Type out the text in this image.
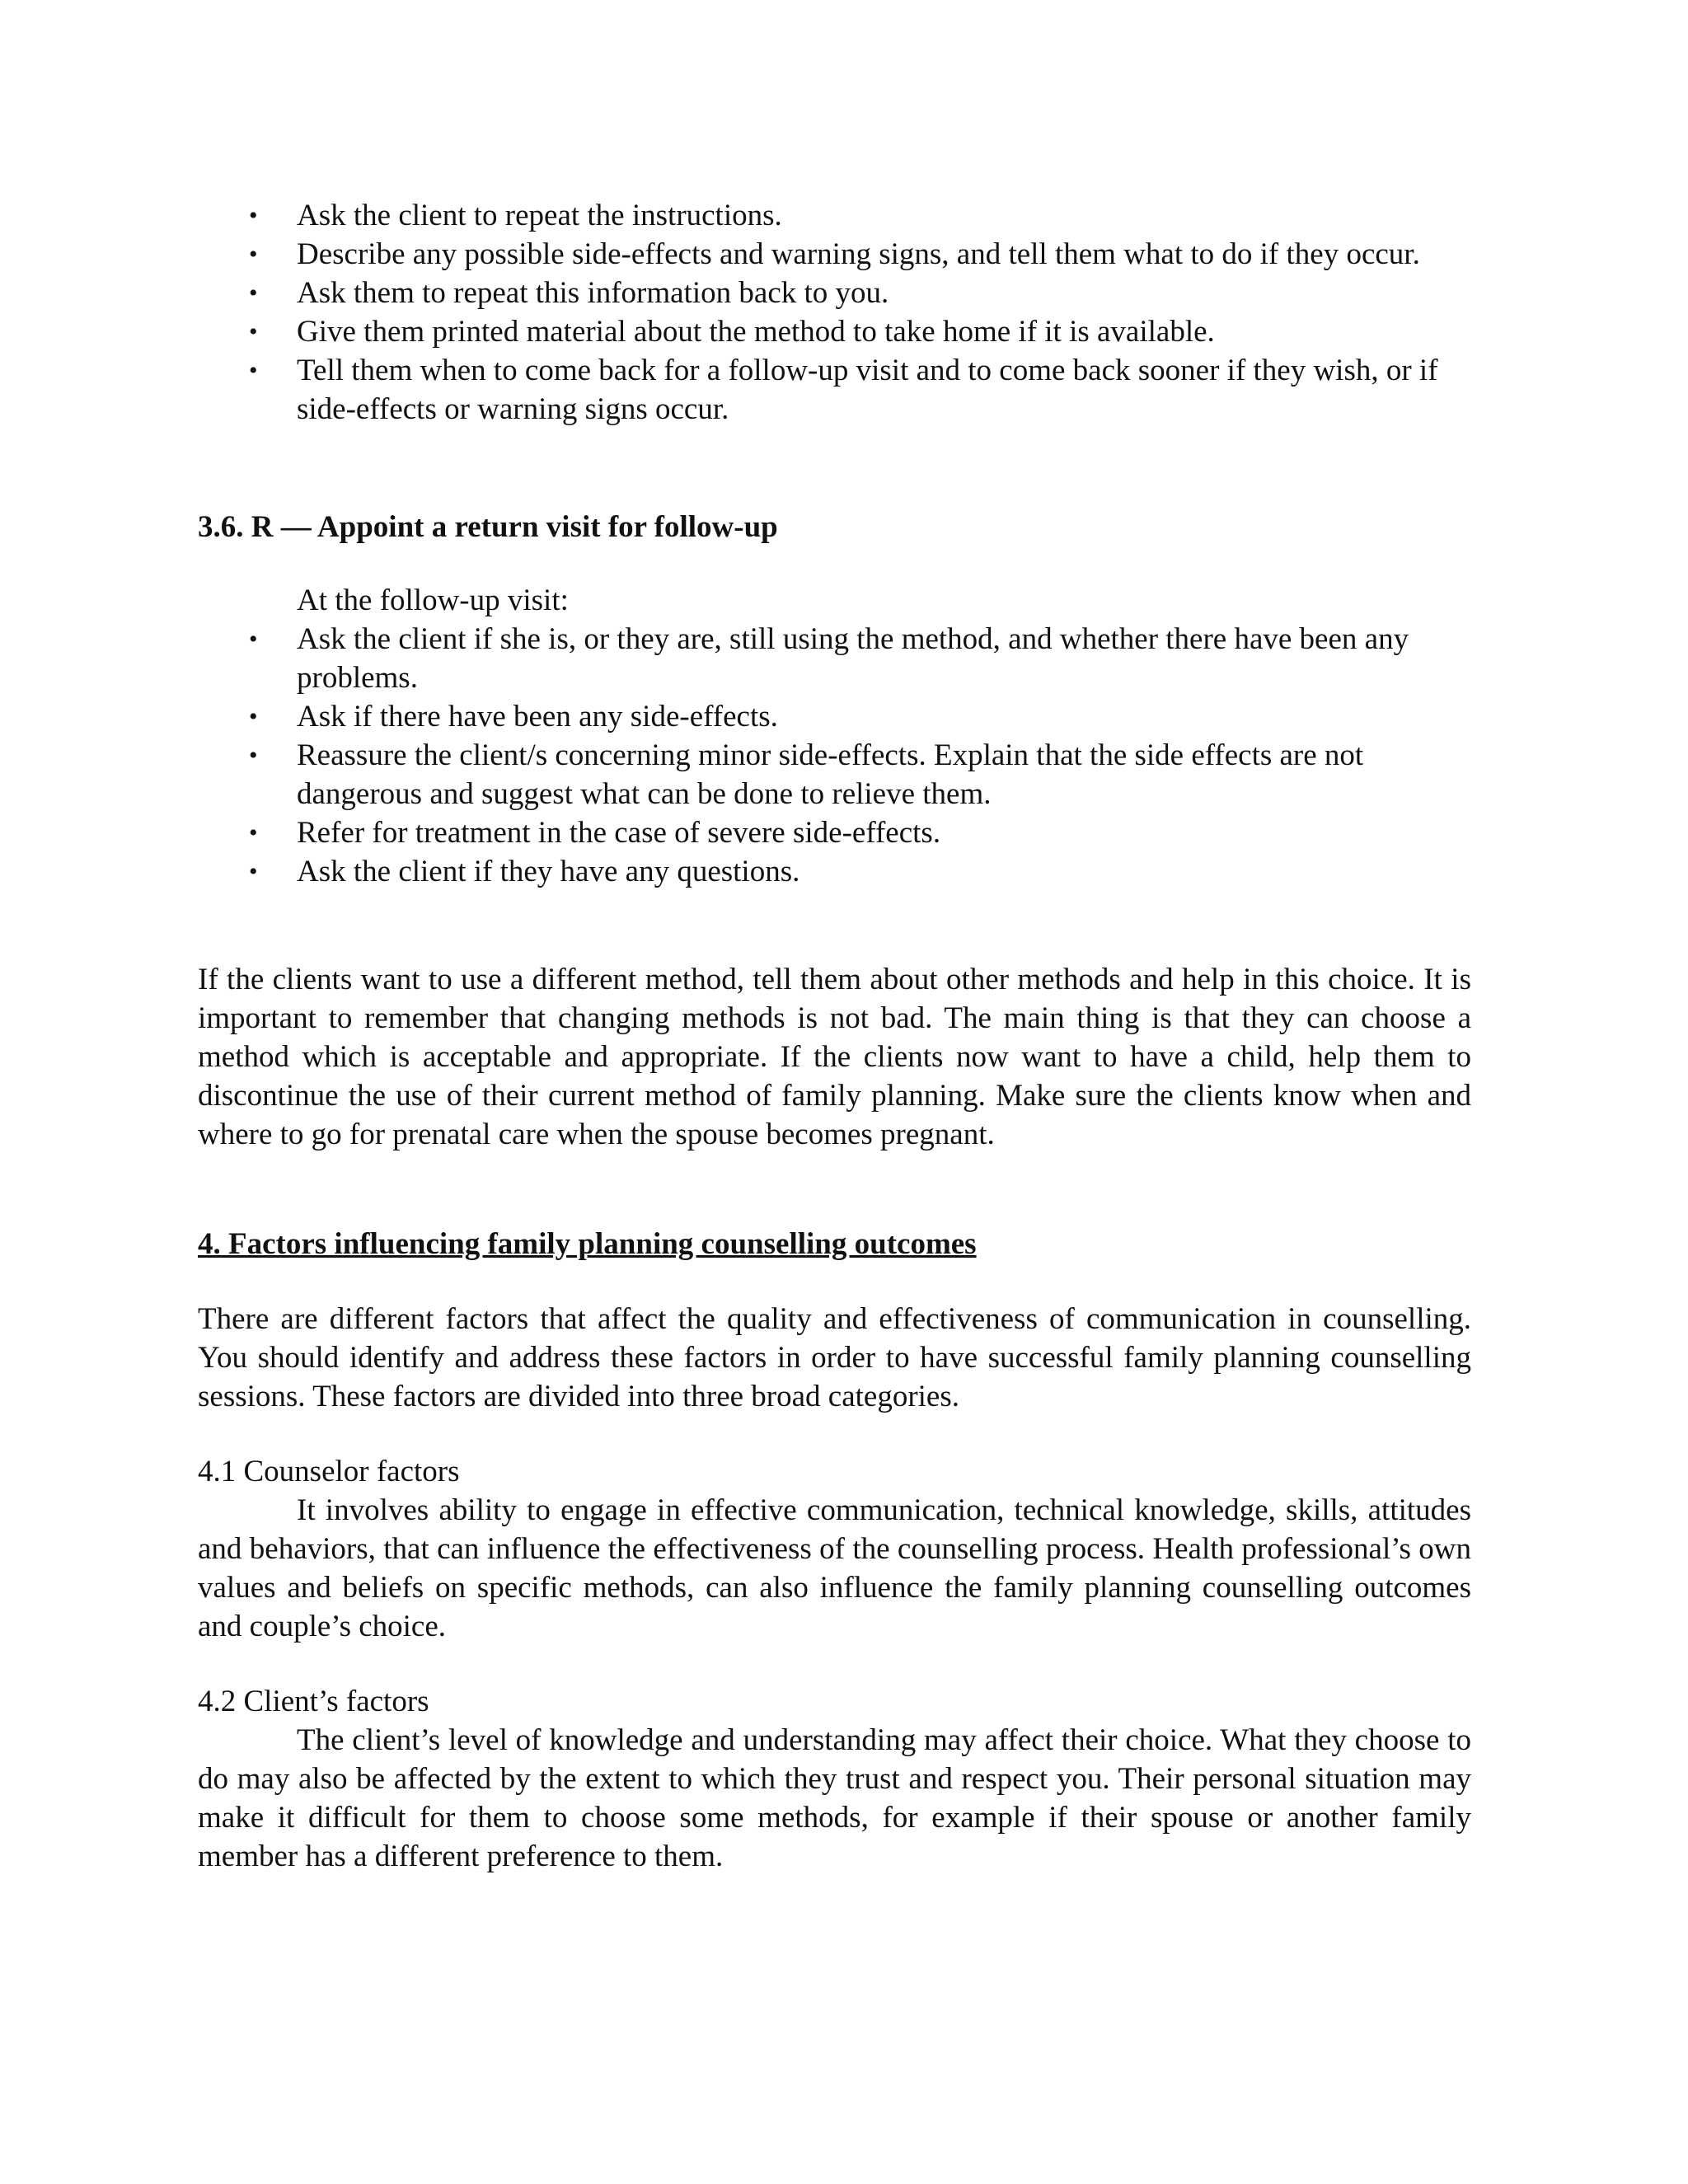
• Ask the client to repeat the instructions.
• Describe any possible side-effects and warning signs, and tell them what to do if they occur.
• Ask them to repeat this information back to you.
• Give them printed material about the method to take home if it is available.
• Tell them when to come back for a follow-up visit and to come back sooner if they wish, or if side-effects or warning signs occur.

3.6. R — Appoint a return visit for follow-up

At the follow-up visit:

• Ask the client if she is, or they are, still using the method, and whether there have been any problems.
• Ask if there have been any side-effects.
• Reassure the client/s concerning minor side-effects. Explain that the side effects are not dangerous and suggest what can be done to relieve them.
• Refer for treatment in the case of severe side-effects.
• Ask the client if they have any questions.

If the clients want to use a different method, tell them about other methods and help in this choice. It is important to remember that changing methods is not bad. The main thing is that they can choose a method which is acceptable and appropriate. If the clients now want to have a child, help them to discontinue the use of their current method of family planning. Make sure the clients know when and where to go for prenatal care when the spouse becomes pregnant.

4. Factors influencing family planning counselling outcomes

There are different factors that affect the quality and effectiveness of communication in counselling. You should identify and address these factors in order to have successful family planning counselling sessions. These factors are divided into three broad categories.

4.1 Counselor factors

It involves ability to engage in effective communication, technical knowledge, skills, attitudes and behaviors, that can influence the effectiveness of the counselling process. Health professional’s own values and beliefs on specific methods, can also influence the family planning counselling outcomes and couple’s choice.

4.2 Client’s factors

The client’s level of knowledge and understanding may affect their choice. What they choose to do may also be affected by the extent to which they trust and respect you. Their personal situation may make it difficult for them to choose some methods, for example if their spouse or another family member has a different preference to them.
